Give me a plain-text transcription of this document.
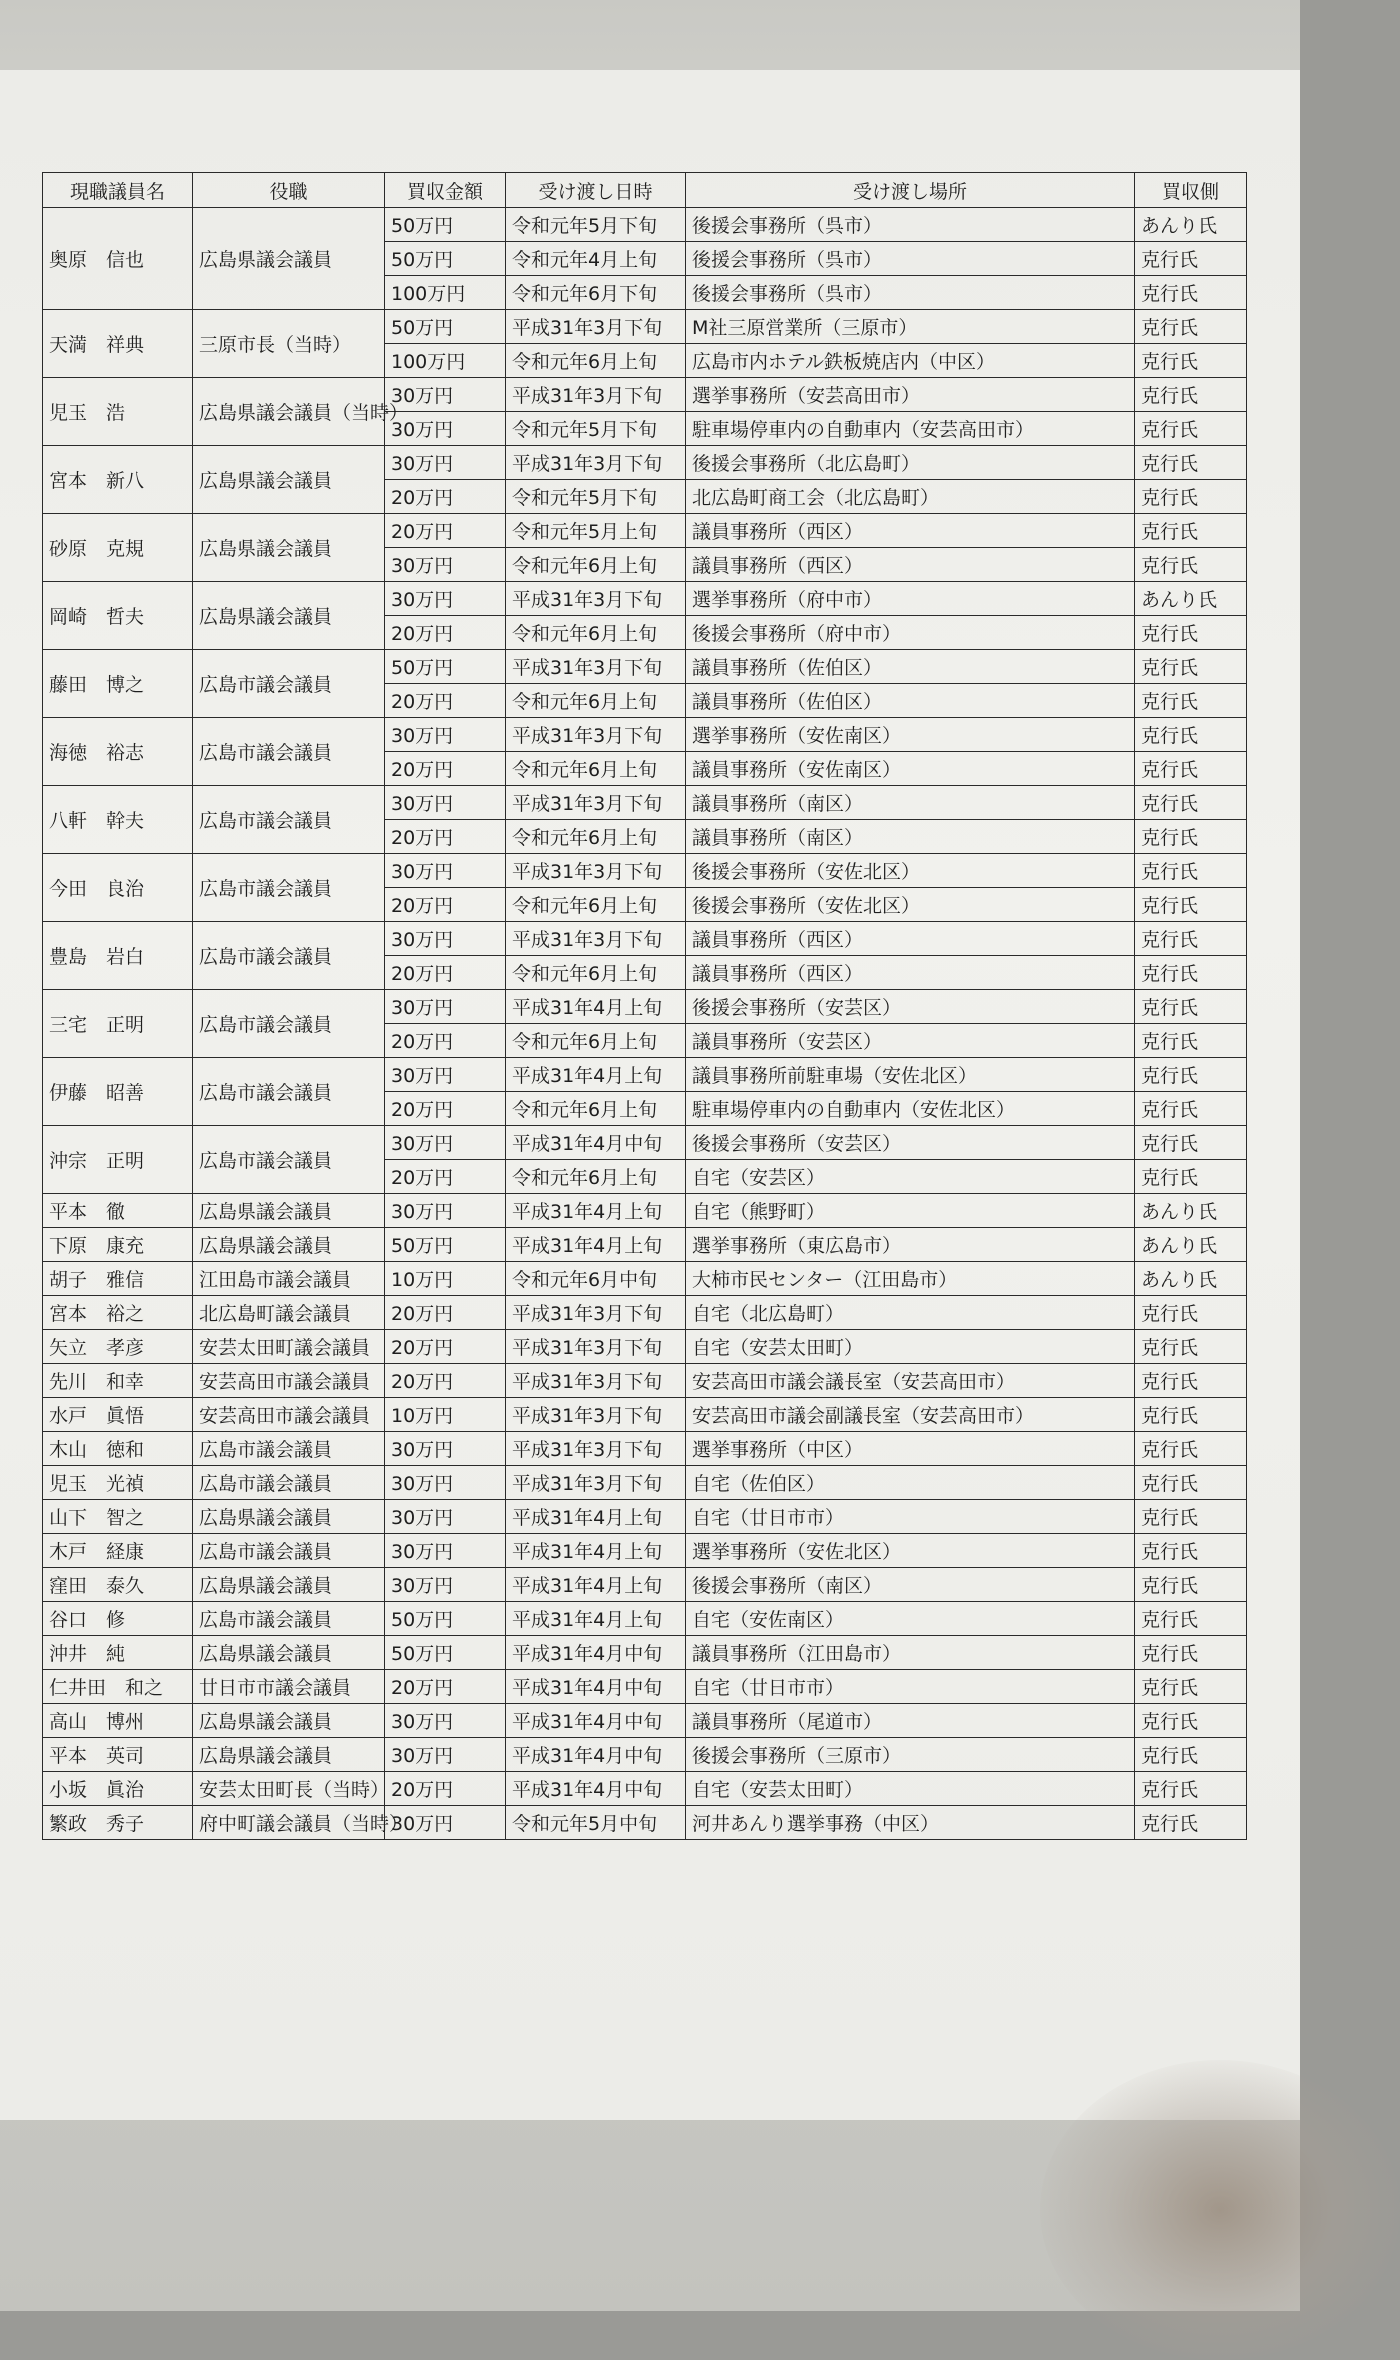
現職議員名	役職	買収金額	受け渡し日時	受け渡し場所	買収側
奥原　信也	広島県議会議員	50万円	令和元年5月下旬	後援会事務所（呉市）	あんり氏
		50万円	令和元年4月上旬	後援会事務所（呉市）	克行氏
		100万円	令和元年6月下旬	後援会事務所（呉市）	克行氏
天満　祥典	三原市長（当時）	50万円	平成31年3月下旬	M社三原営業所（三原市）	克行氏
		100万円	令和元年6月上旬	広島市内ホテル鉄板焼店内（中区）	克行氏
児玉　浩	広島県議会議員（当時）	30万円	平成31年3月下旬	選挙事務所（安芸高田市）	克行氏
		30万円	令和元年5月下旬	駐車場停車内の自動車内（安芸高田市）	克行氏
宮本　新八	広島県議会議員	30万円	平成31年3月下旬	後援会事務所（北広島町）	克行氏
		20万円	令和元年5月下旬	北広島町商工会（北広島町）	克行氏
砂原　克規	広島県議会議員	20万円	令和元年5月上旬	議員事務所（西区）	克行氏
		30万円	令和元年6月上旬	議員事務所（西区）	克行氏
岡崎　哲夫	広島県議会議員	30万円	平成31年3月下旬	選挙事務所（府中市）	あんり氏
		20万円	令和元年6月上旬	後援会事務所（府中市）	克行氏
藤田　博之	広島市議会議員	50万円	平成31年3月下旬	議員事務所（佐伯区）	克行氏
		20万円	令和元年6月上旬	議員事務所（佐伯区）	克行氏
海徳　裕志	広島市議会議員	30万円	平成31年3月下旬	選挙事務所（安佐南区）	克行氏
		20万円	令和元年6月上旬	議員事務所（安佐南区）	克行氏
八軒　幹夫	広島市議会議員	30万円	平成31年3月下旬	議員事務所（南区）	克行氏
		20万円	令和元年6月上旬	議員事務所（南区）	克行氏
今田　良治	広島市議会議員	30万円	平成31年3月下旬	後援会事務所（安佐北区）	克行氏
		20万円	令和元年6月上旬	後援会事務所（安佐北区）	克行氏
豊島　岩白	広島市議会議員	30万円	平成31年3月下旬	議員事務所（西区）	克行氏
		20万円	令和元年6月上旬	議員事務所（西区）	克行氏
三宅　正明	広島市議会議員	30万円	平成31年4月上旬	後援会事務所（安芸区）	克行氏
		20万円	令和元年6月上旬	議員事務所（安芸区）	克行氏
伊藤　昭善	広島市議会議員	30万円	平成31年4月上旬	議員事務所前駐車場（安佐北区）	克行氏
		20万円	令和元年6月上旬	駐車場停車内の自動車内（安佐北区）	克行氏
沖宗　正明	広島市議会議員	30万円	平成31年4月中旬	後援会事務所（安芸区）	克行氏
		20万円	令和元年6月上旬	自宅（安芸区）	克行氏
平本　徹	広島県議会議員	30万円	平成31年4月上旬	自宅（熊野町）	あんり氏
下原　康充	広島県議会議員	50万円	平成31年4月上旬	選挙事務所（東広島市）	あんり氏
胡子　雅信	江田島市議会議員	10万円	令和元年6月中旬	大柿市民センター（江田島市）	あんり氏
宮本　裕之	北広島町議会議員	20万円	平成31年3月下旬	自宅（北広島町）	克行氏
矢立　孝彦	安芸太田町議会議員	20万円	平成31年3月下旬	自宅（安芸太田町）	克行氏
先川　和幸	安芸高田市議会議員	20万円	平成31年3月下旬	安芸高田市議会議長室（安芸高田市）	克行氏
水戸　眞悟	安芸高田市議会議員	10万円	平成31年3月下旬	安芸高田市議会副議長室（安芸高田市）	克行氏
木山　徳和	広島市議会議員	30万円	平成31年3月下旬	選挙事務所（中区）	克行氏
児玉　光禎	広島市議会議員	30万円	平成31年3月下旬	自宅（佐伯区）	克行氏
山下　智之	広島県議会議員	30万円	平成31年4月上旬	自宅（廿日市市）	克行氏
木戸　経康	広島市議会議員	30万円	平成31年4月上旬	選挙事務所（安佐北区）	克行氏
窪田　泰久	広島県議会議員	30万円	平成31年4月上旬	後援会事務所（南区）	克行氏
谷口　修	広島市議会議員	50万円	平成31年4月上旬	自宅（安佐南区）	克行氏
沖井　純	広島県議会議員	50万円	平成31年4月中旬	議員事務所（江田島市）	克行氏
仁井田　和之	廿日市市議会議員	20万円	平成31年4月中旬	自宅（廿日市市）	克行氏
高山　博州	広島県議会議員	30万円	平成31年4月中旬	議員事務所（尾道市）	克行氏
平本　英司	広島県議会議員	30万円	平成31年4月中旬	後援会事務所（三原市）	克行氏
小坂　眞治	安芸太田町長（当時）	20万円	平成31年4月中旬	自宅（安芸太田町）	克行氏
繁政　秀子	府中町議会議員（当時）	30万円	令和元年5月中旬	河井あんり選挙事務（中区）	克行氏
